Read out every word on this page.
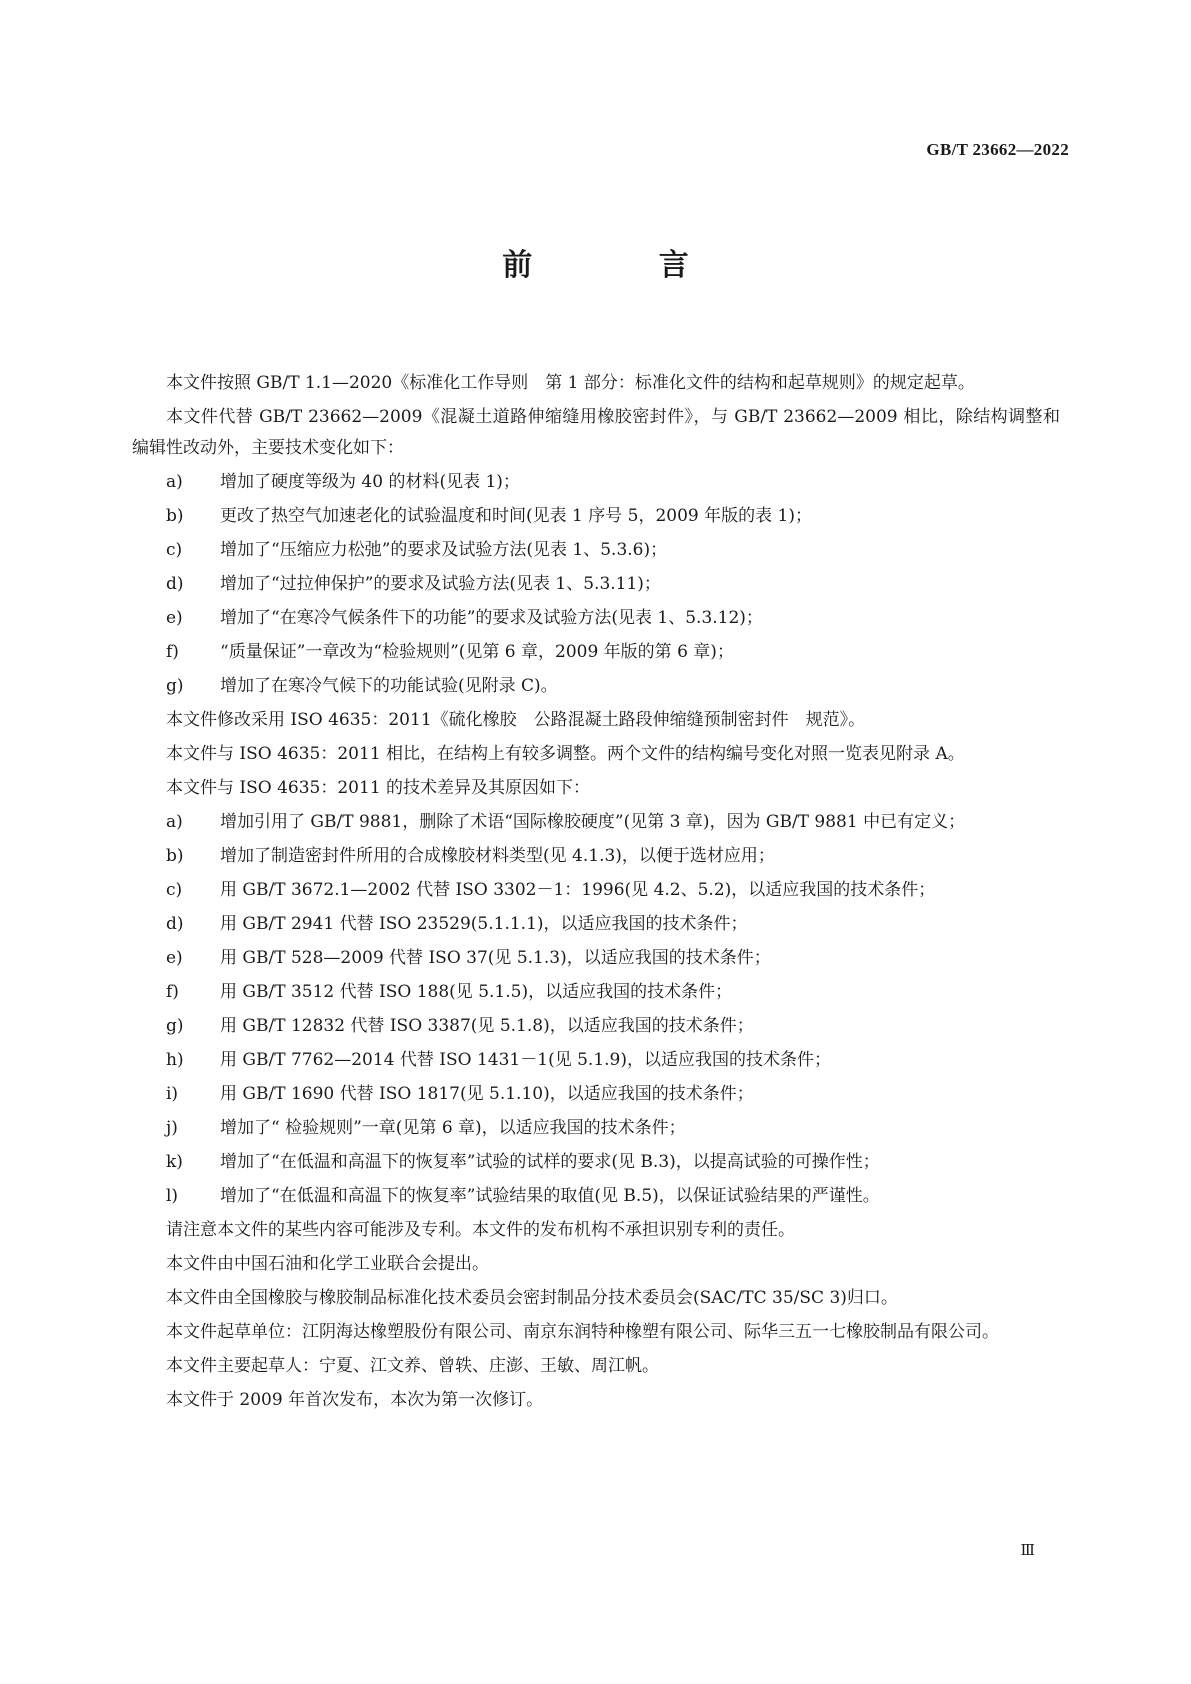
GB/T 23662—2022
前 言

本文件按照 GB/T 1.1—2020《标准化工作导则　第 1 部分：标准化文件的结构和起草规则》的规定起草。

本文件代替 GB/T 23662—2009《混凝土道路伸缩缝用橡胶密封件》，与 GB/T 23662—2009 相比，除结构调整和编辑性改动外，主要技术变化如下：

a)	增加了硬度等级为 40 的材料(见表 1)；
b)	更改了热空气加速老化的试验温度和时间(见表 1 序号 5，2009 年版的表 1)；
c)	增加了“压缩应力松弛”的要求及试验方法(见表 1、5.3.6)；
d)	增加了“过拉伸保护”的要求及试验方法(见表 1、5.3.11)；
e)	增加了“在寒冷气候条件下的功能”的要求及试验方法(见表 1、5.3.12)；
f)	“质量保证”一章改为“检验规则”(见第 6 章，2009 年版的第 6 章)；
g)	增加了在寒冷气候下的功能试验(见附录 C)。

本文件修改采用 ISO 4635：2011《硫化橡胶　公路混凝土路段伸缩缝预制密封件　规范》。

本文件与 ISO 4635：2011 相比，在结构上有较多调整。两个文件的结构编号变化对照一览表见附录 A。

本文件与 ISO 4635：2011 的技术差异及其原因如下：

a)	增加引用了 GB/T 9881，删除了术语“国际橡胶硬度”(见第 3 章)，因为 GB/T 9881 中已有定义；
b)	增加了制造密封件所用的合成橡胶材料类型(见 4.1.3)，以便于选材应用；
c)	用 GB/T 3672.1—2002 代替 ISO 3302－1：1996(见 4.2、5.2)，以适应我国的技术条件；
d)	用 GB/T 2941 代替 ISO 23529(5.1.1.1)，以适应我国的技术条件；
e)	用 GB/T 528—2009 代替 ISO 37(见 5.1.3)，以适应我国的技术条件；
f)	用 GB/T 3512 代替 ISO 188(见 5.1.5)，以适应我国的技术条件；
g)	用 GB/T 12832 代替 ISO 3387(见 5.1.8)，以适应我国的技术条件；
h)	用 GB/T 7762—2014 代替 ISO 1431－1(见 5.1.9)，以适应我国的技术条件；
i)	用 GB/T 1690 代替 ISO 1817(见 5.1.10)，以适应我国的技术条件；
j)	增加了“ 检验规则”一章(见第 6 章)，以适应我国的技术条件；
k)	增加了“在低温和高温下的恢复率”试验的试样的要求(见 B.3)，以提高试验的可操作性；
l)	增加了“在低温和高温下的恢复率”试验结果的取值(见 B.5)，以保证试验结果的严谨性。

请注意本文件的某些内容可能涉及专利。本文件的发布机构不承担识别专利的责任。

本文件由中国石油和化学工业联合会提出。

本文件由全国橡胶与橡胶制品标准化技术委员会密封制品分技术委员会(SAC/TC 35/SC 3)归口。

本文件起草单位：江阴海达橡塑股份有限公司、南京东润特种橡塑有限公司、际华三五一七橡胶制品有限公司。

本文件主要起草人：宁夏、江文养、曾轶、庄澎、王敏、周江帆。

本文件于 2009 年首次发布，本次为第一次修订。

Ⅲ
